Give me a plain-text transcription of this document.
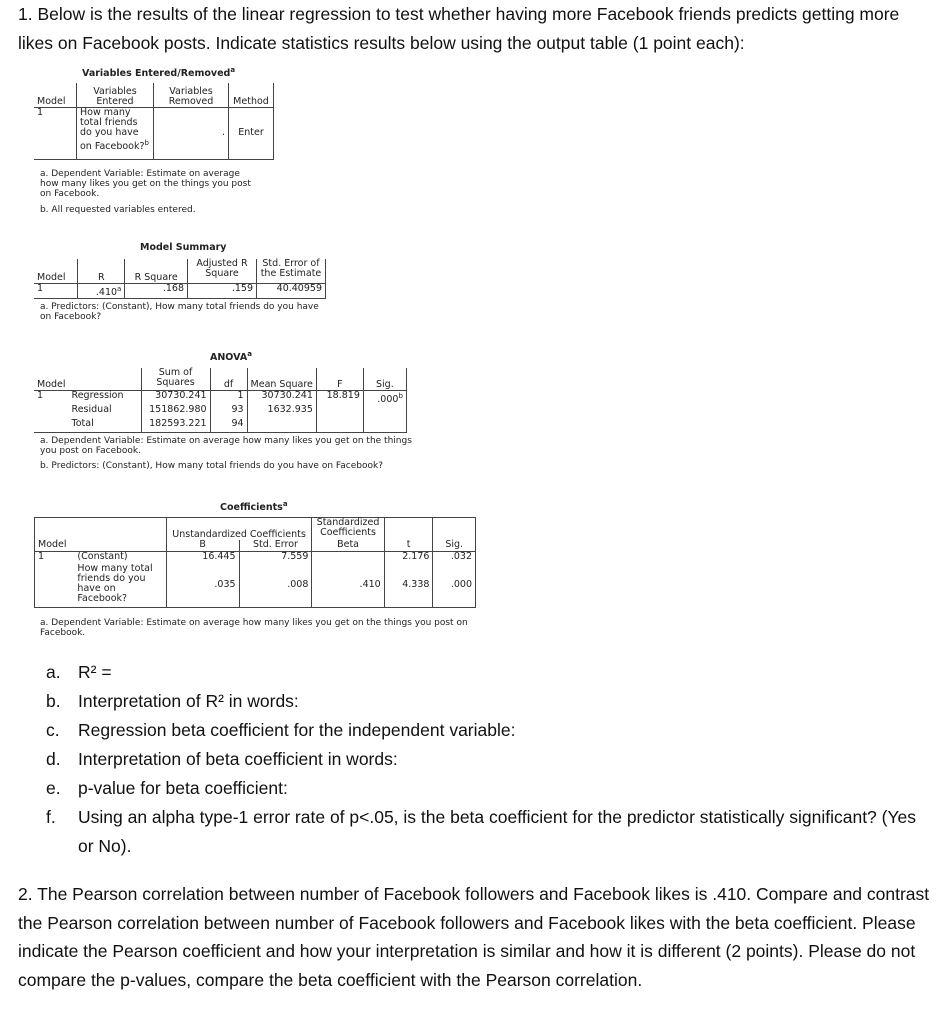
1. Below is the results of the linear regression to test whether having more Facebook friends predicts getting more likes on Facebook posts. Indicate statistics results below using the output table (1 point each):

Variables Entered/Removed$^a$
Model	Variables Entered	Variables Removed	Method
1	How many total friends do you have on Facebook?$^b$	.	Enter
a. Dependent Variable: Estimate on average how many likes you get on the things you post on Facebook.
b. All requested variables entered.
Model Summary
Model	R	R Square	Adjusted R Square	Std. Error of the Estimate
1	.410$^a$	.168	.159	40.40959
a. Predictors: (Constant), How many total friends do you have on Facebook?
ANOVA$^a$
Model		Sum of Squares	df	Mean Square	F	Sig.
1	Regression	30730.241	1	30730.241	18.819	.000$^b$
	Residual	151862.980	93	1632.935		
	Total	182593.221	94			
a. Dependent Variable: Estimate on average how many likes you get on the things you post on Facebook.
b. Predictors: (Constant), How many total friends do you have on Facebook?
Coefficients$^a$
		Unstandardized Coefficients		Standardized Coefficients		
Model		B	Std. Error	Beta	t	Sig.
1	(Constant)	16.445	7.559		2.176	.032
	How many total friends do you have on Facebook?	.035	.008	.410	4.338	.000
a. Dependent Variable: Estimate on average how many likes you get on the things you post on Facebook.
a. R² =
b. Interpretation of R² in words:
c.	Regression beta coefficient for the independent variable:
d. Interpretation of beta coefficient in words:
e. p-value for beta coefficient:
f.	Using an alpha type-1 error rate of p<.05, is the beta coefficient for the predictor statistically significant? (Yes or No).

2. The Pearson correlation between number of Facebook followers and Facebook likes is .410. Compare and contrast the Pearson correlation between number of Facebook followers and Facebook likes with the beta coefficient. Please indicate the Pearson coefficient and how your interpretation is similar and how it is different (2 points). Please do not compare the p-values, compare the beta coefficient with the Pearson correlation.
